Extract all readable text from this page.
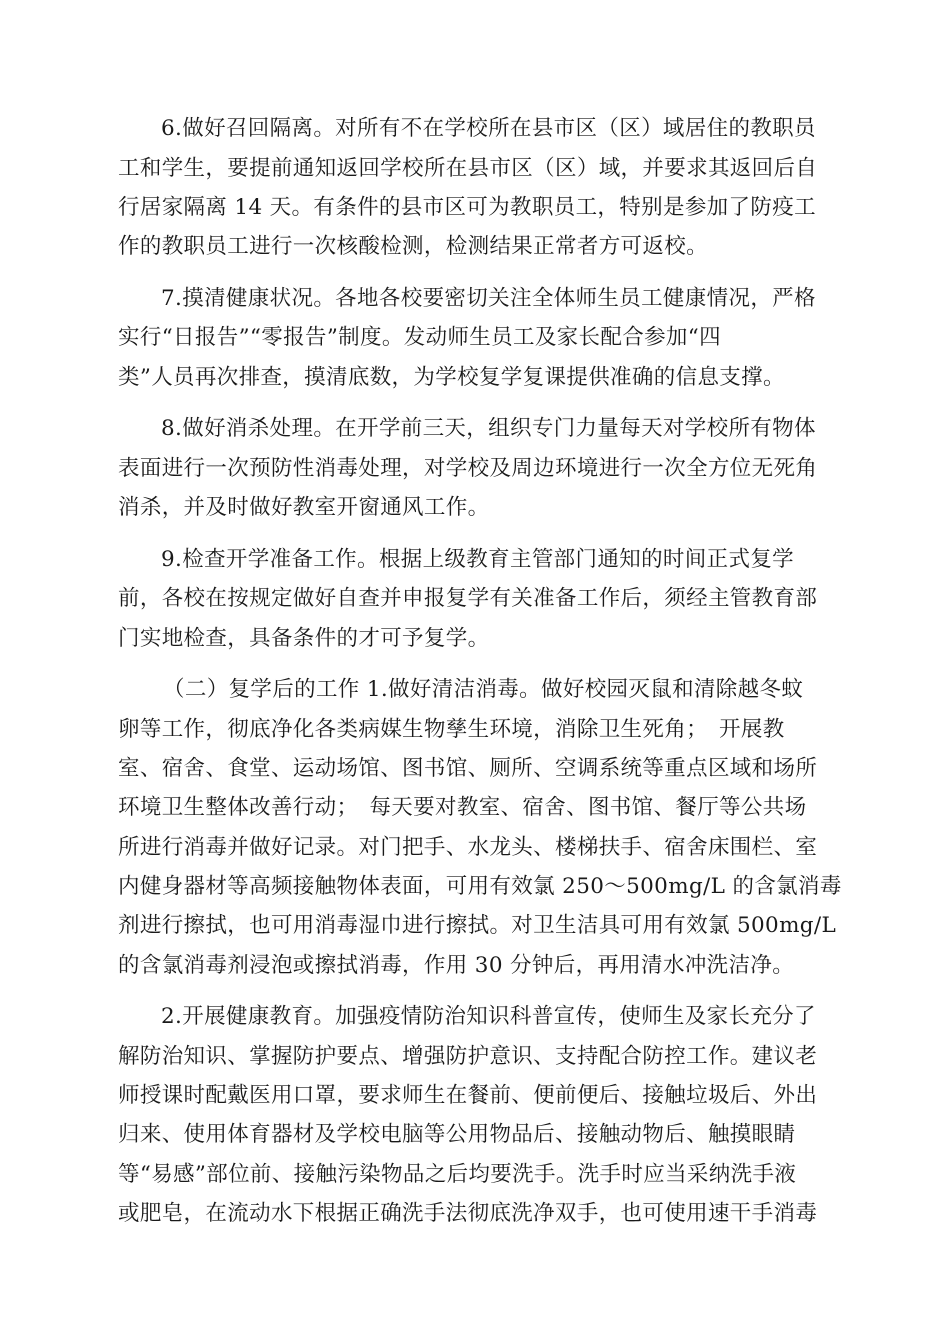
6.做好召回隔离。对所有不在学校所在县市区（区）域居住的教职员
工和学生，要提前通知返回学校所在县市区（区）域，并要求其返回后自
行居家隔离 14 天。有条件的县市区可为教职员工，特别是参加了防疫工
作的教职员工进行一次核酸检测，检测结果正常者方可返校。
7.摸清健康状况。各地各校要密切关注全体师生员工健康情况，严格
实行“日报告”“零报告”制度。发动师生员工及家长配合参加“四
类”人员再次排查，摸清底数，为学校复学复课提供准确的信息支撑。
8.做好消杀处理。在开学前三天，组织专门力量每天对学校所有物体
表面进行一次预防性消毒处理，对学校及周边环境进行一次全方位无死角
消杀，并及时做好教室开窗通风工作。
9.检查开学准备工作。根据上级教育主管部门通知的时间正式复学
前，各校在按规定做好自查并申报复学有关准备工作后，须经主管教育部
门实地检查，具备条件的才可予复学。
（二）复学后的工作 1.做好清洁消毒。做好校园灭鼠和清除越冬蚊
卵等工作，彻底净化各类病媒生物孳生环境，消除卫生死角；　开展教
室、宿舍、食堂、运动场馆、图书馆、厕所、空调系统等重点区域和场所
环境卫生整体改善行动；　每天要对教室、宿舍、图书馆、餐厅等公共场
所进行消毒并做好记录。对门把手、水龙头、楼梯扶手、宿舍床围栏、室
内健身器材等高频接触物体表面，可用有效氯 250～500mg/L 的含氯消毒
剂进行擦拭，也可用消毒湿巾进行擦拭。对卫生洁具可用有效氯 500mg/L
的含氯消毒剂浸泡或擦拭消毒，作用 30 分钟后，再用清水冲洗洁净。
2.开展健康教育。加强疫情防治知识科普宣传，使师生及家长充分了
解防治知识、掌握防护要点、增强防护意识、支持配合防控工作。建议老
师授课时配戴医用口罩，要求师生在餐前、便前便后、接触垃圾后、外出
归来、使用体育器材及学校电脑等公用物品后、接触动物后、触摸眼睛
等“易感”部位前、接触污染物品之后均要洗手。洗手时应当采纳洗手液
或肥皂，在流动水下根据正确洗手法彻底洗净双手，也可使用速干手消毒
